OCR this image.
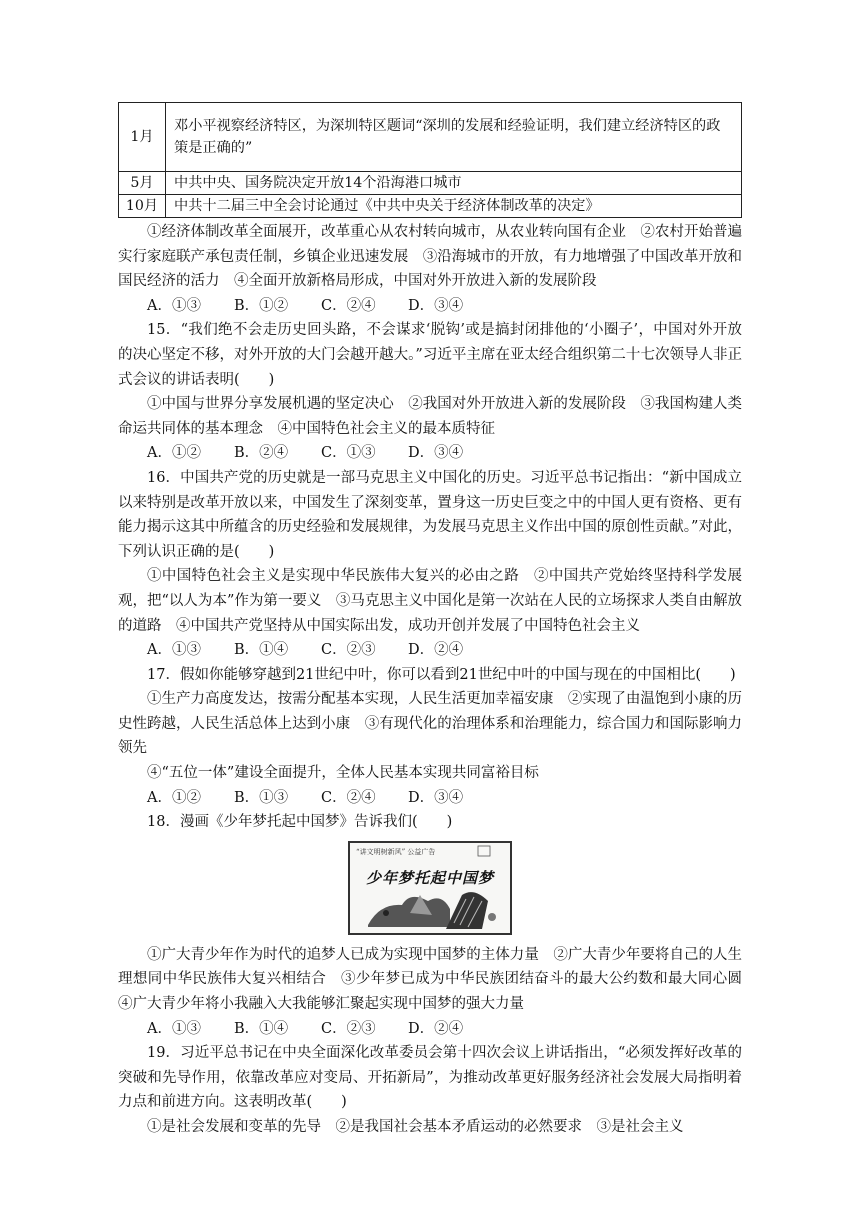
1月	邓小平视察经济特区，为深圳特区题词“深圳的发展和经验证明，我们建立经济特区的政策是正确的”
5月	中共中央、国务院决定开放14个沿海港口城市
10月	中共十二届三中全会讨论通过《中共中央关于经济体制改革的决定》

①经济体制改革全面展开，改革重心从农村转向城市，从农业转向国有企业　②农村开始普遍实行家庭联产承包责任制，乡镇企业迅速发展　③沿海城市的开放，有力地增强了中国改革开放和国民经济的活力　④全面开放新格局形成，中国对外开放进入新的发展阶段

A．①③	B．①②	C．②④	D．③④

15．“我们绝不会走历史回头路，不会谋求‘脱钩’或是搞封闭排他的‘小圈子’，中国对外开放的决心坚定不移，对外开放的大门会越开越大。”习近平主席在亚太经合组织第二十七次领导人非正式会议的讲话表明(　　)

①中国与世界分享发展机遇的坚定决心　②我国对外开放进入新的发展阶段　③我国构建人类命运共同体的基本理念　④中国特色社会主义的最本质特征

A．①②	B．②④	C．①③	D．③④

16．中国共产党的历史就是一部马克思主义中国化的历史。习近平总书记指出：“新中国成立以来特别是改革开放以来，中国发生了深刻变革，置身这一历史巨变之中的中国人更有资格、更有能力揭示这其中所蕴含的历史经验和发展规律，为发展马克思主义作出中国的原创性贡献。”对此，下列认识正确的是(　　)

①中国特色社会主义是实现中华民族伟大复兴的必由之路　②中国共产党始终坚持科学发展观，把“以人为本”作为第一要义　③马克思主义中国化是第一次站在人民的立场探求人类自由解放的道路　④中国共产党坚持从中国实际出发，成功开创并发展了中国特色社会主义

A．①③	B．①④	C．②③	D．②④

17．假如你能够穿越到21世纪中叶，你可以看到21世纪中叶的中国与现在的中国相比(　　)

①生产力高度发达，按需分配基本实现，人民生活更加幸福安康　②实现了由温饱到小康的历史性跨越，人民生活总体上达到小康　③有现代化的治理体系和治理能力，综合国力和国际影响力领先

④“五位一体”建设全面提升，全体人民基本实现共同富裕目标

A．①②	B．①③	C．②④	D．③④

18．漫画《少年梦托起中国梦》告诉我们(　　)

“讲文明树新风” 公益广告
少年梦托起中国梦

①广大青少年作为时代的追梦人已成为实现中国梦的主体力量　②广大青少年要将自己的人生理想同中华民族伟大复兴相结合　③少年梦已成为中华民族团结奋斗的最大公约数和最大同心圆　④广大青少年将小我融入大我能够汇聚起实现中国梦的强大力量

A．①③	B．①④	C．②③	D．②④

19．习近平总书记在中央全面深化改革委员会第十四次会议上讲话指出，“必须发挥好改革的突破和先导作用，依靠改革应对变局、开拓新局”，为推动改革更好服务经济社会发展大局指明着力点和前进方向。这表明改革(　　)

①是社会发展和变革的先导　②是我国社会基本矛盾运动的必然要求　③是社会主义
